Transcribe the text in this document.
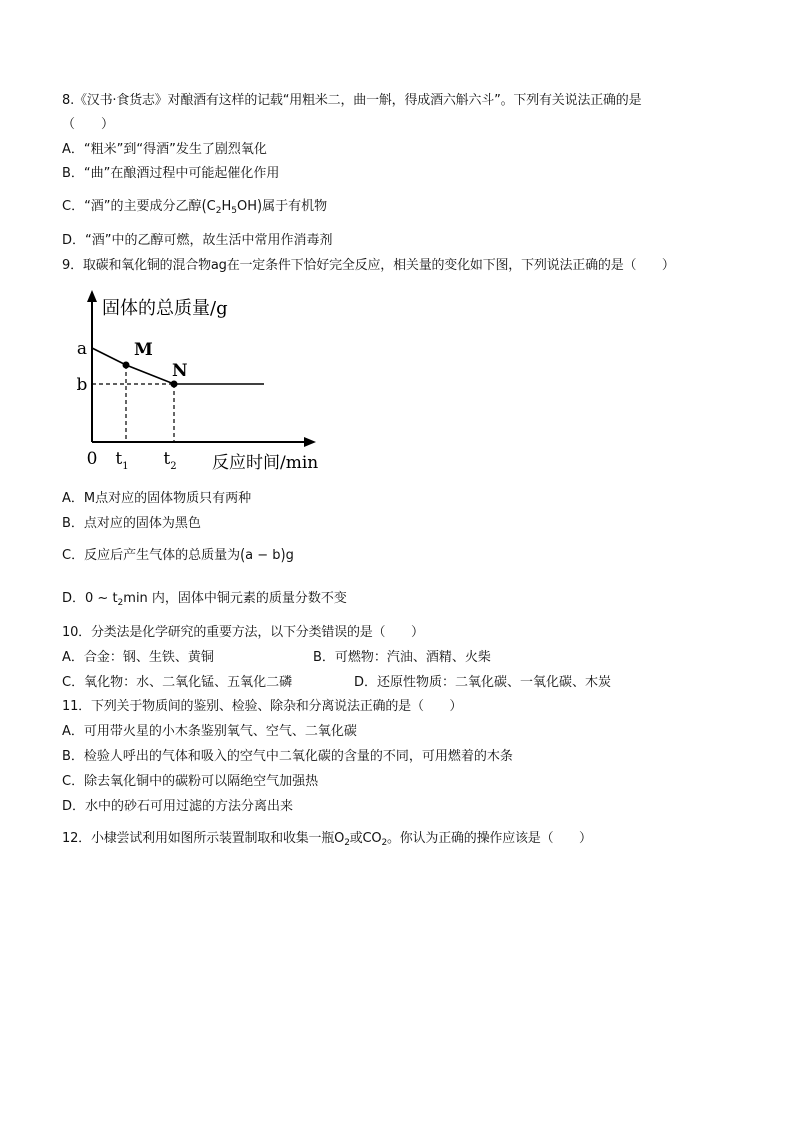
8.《汉书·食货志》对酿酒有这样的记载“用粗米二，曲一斛，得成酒六斛六斗”。下列有关说法正确的是
（　　）
A．“粗米”到“得酒”发生了剧烈氧化
B．“曲”在酿酒过程中可能起催化作用
C．“酒”的主要成分乙醇$(C_2H_5OH)$属于有机物
D．“酒”中的乙醇可燃，故生活中常用作消毒剂
9．取碳和氧化铜的混合物ag在一定条件下恰好完全反应，相关量的变化如下图，下列说法正确的是（　　）
固体的总质量/g
反应时间/min
0
a
b
$t_1$ $t_2$
M
N
A．M点对应的固体物质只有两种
B．点对应的固体为黑色
C．反应后产生气体的总质量为(a − b)g
D．0 ~ $t_2\min$ 内，固体中铜元素的质量分数不变
10．分类法是化学研究的重要方法，以下分类错误的是（　　）
A．合金：钢、生铁、黄铜	B．可燃物：汽油、酒精、火柴
C．氧化物：水、二氧化锰、五氧化二磷	D．还原性物质：二氧化碳、一氧化碳、木炭
11．下列关于物质间的鉴别、检验、除杂和分离说法正确的是（　　）
A．可用带火星的小木条鉴别氧气、空气、二氧化碳
B．检验人呼出的气体和吸入的空气中二氧化碳的含量的不同，可用燃着的木条
C．除去氧化铜中的碳粉可以隔绝空气加强热
D．水中的砂石可用过滤的方法分离出来
12．小棣尝试利用如图所示装置制取和收集一瓶$O_2$或$CO_2$。你认为正确的操作应该是（　　）
